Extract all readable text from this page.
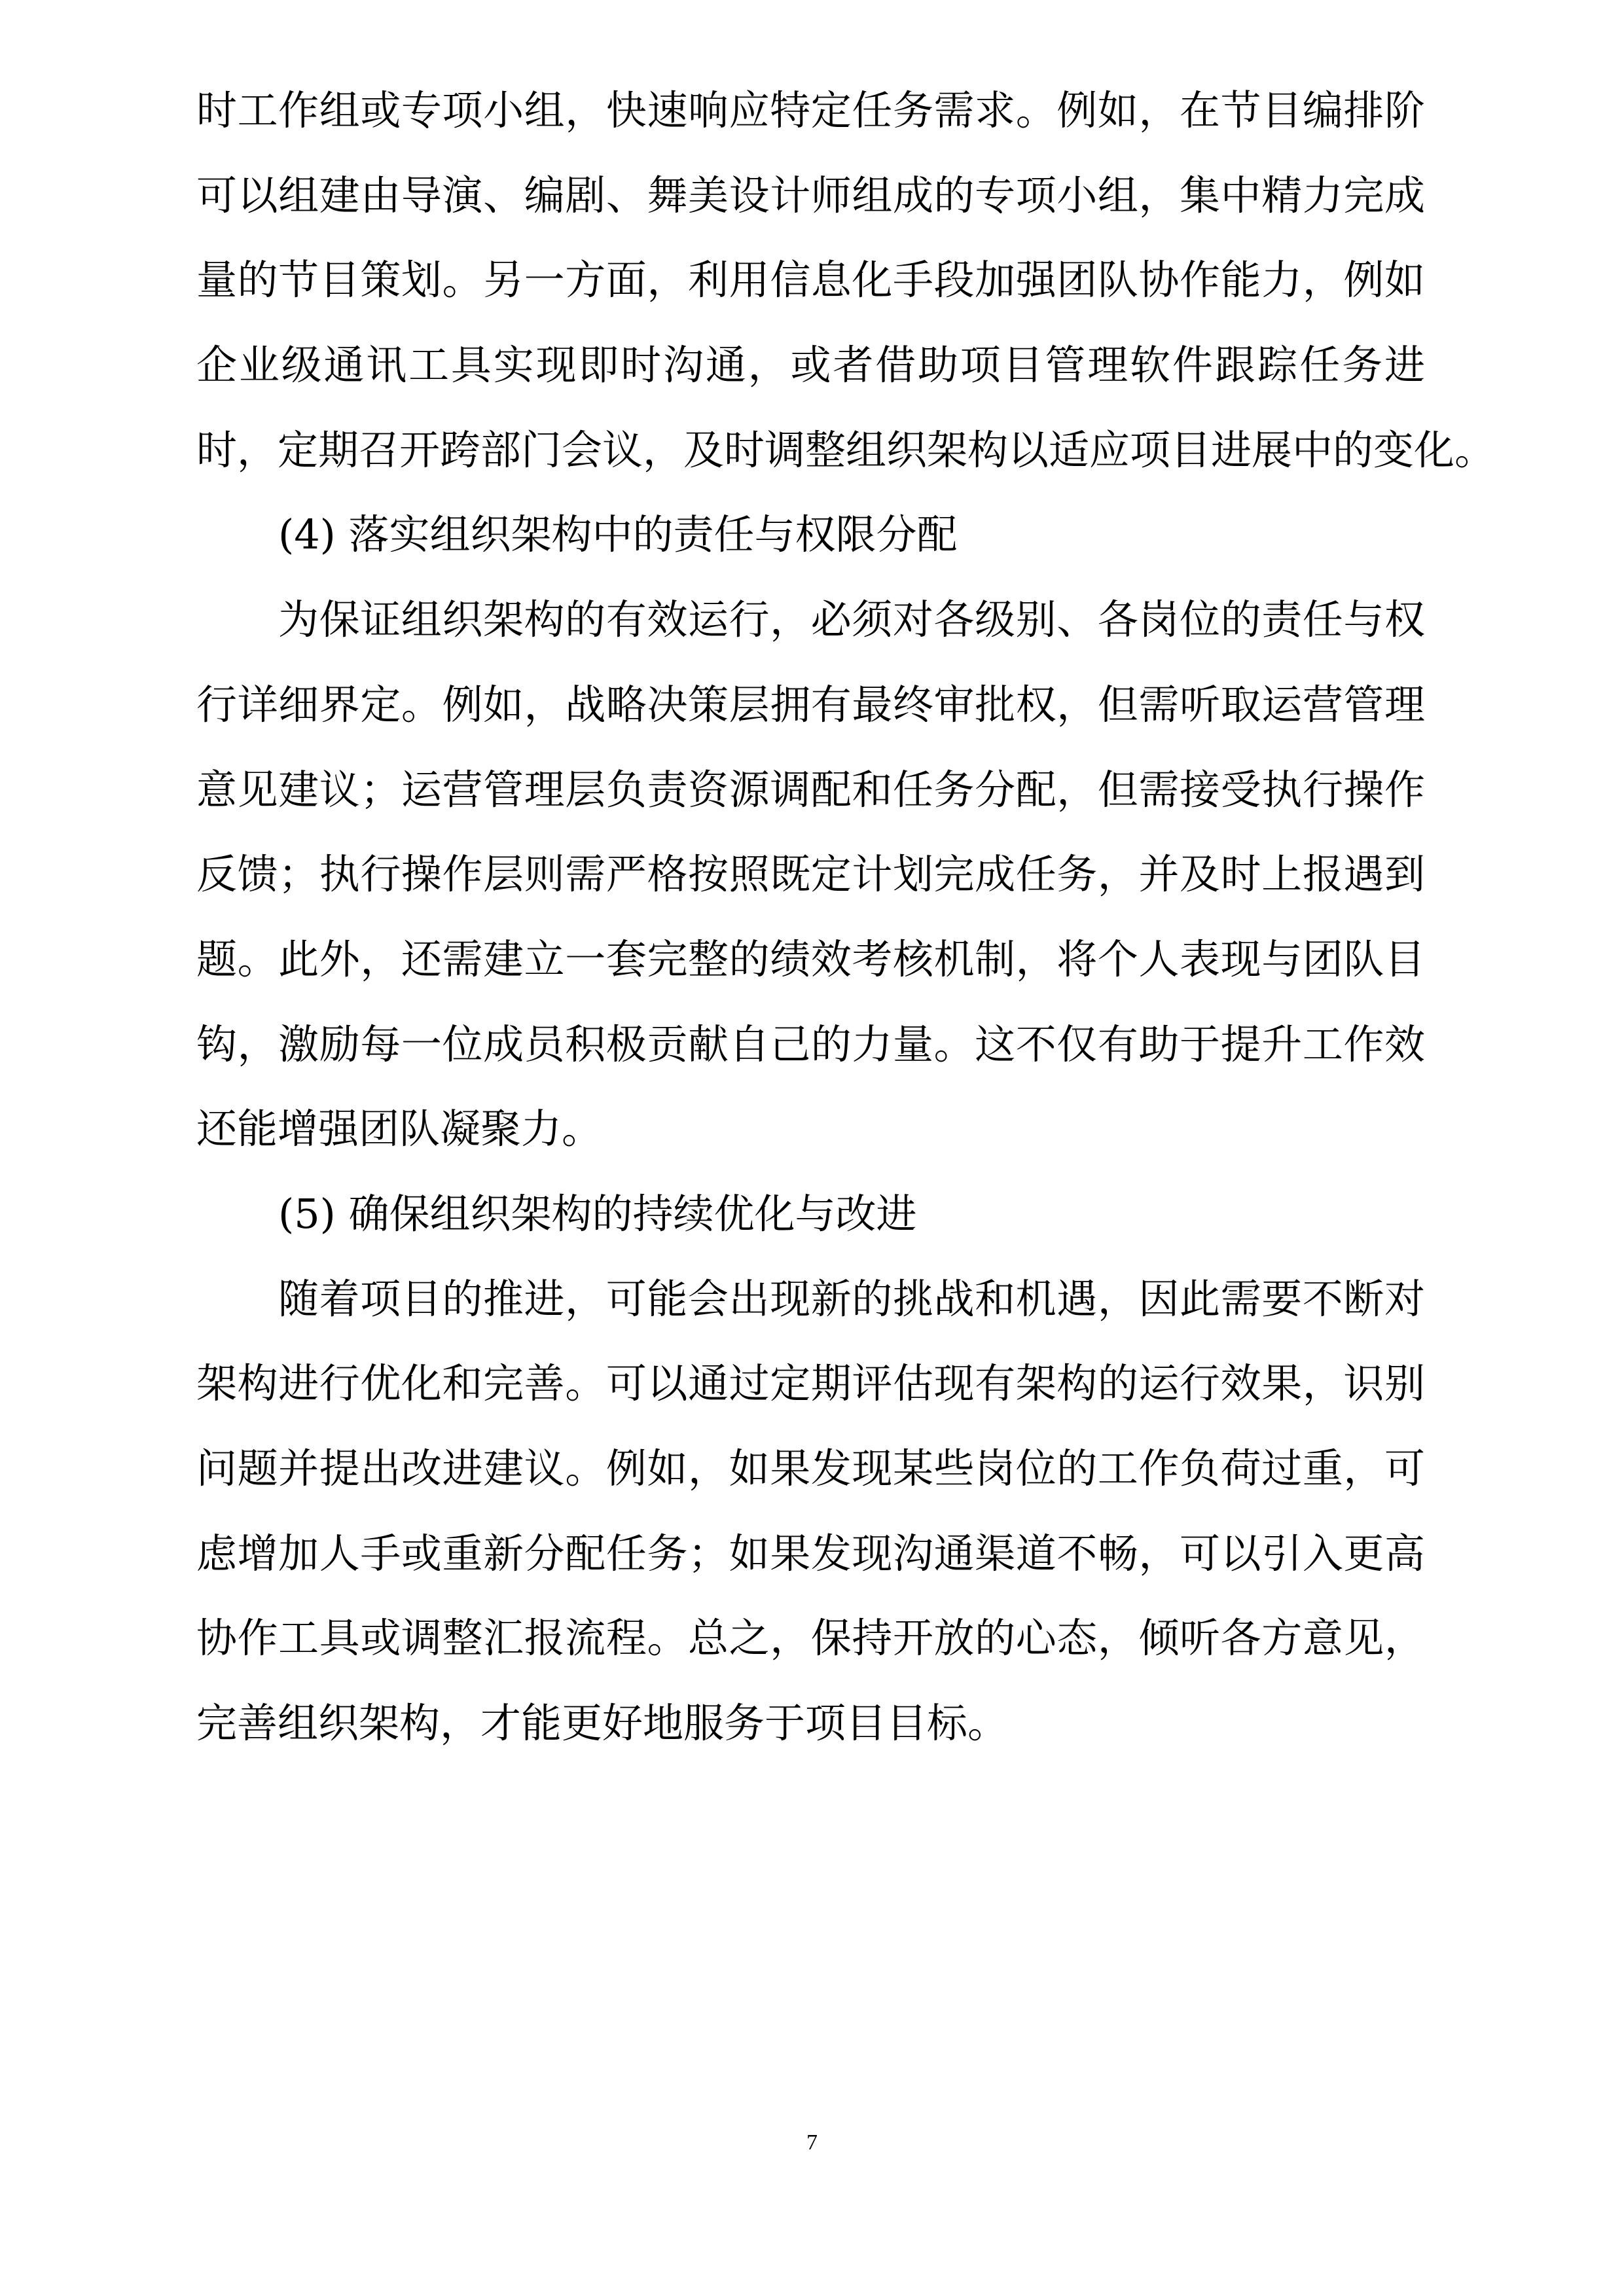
时工作组或专项小组，快速响应特定任务需求。例如，在节目编排阶
可以组建由导演、编剧、舞美设计师组成的专项小组，集中精力完成
量的节目策划。另一方面，利用信息化手段加强团队协作能力，例如
企业级通讯工具实现即时沟通，或者借助项目管理软件跟踪任务进
时，定期召开跨部门会议，及时调整组织架构以适应项目进展中的变化。
(4) 落实组织架构中的责任与权限分配
为保证组织架构的有效运行，必须对各级别、各岗位的责任与权
行详细界定。例如，战略决策层拥有最终审批权，但需听取运营管理
意见建议；运营管理层负责资源调配和任务分配，但需接受执行操作
反馈；执行操作层则需严格按照既定计划完成任务，并及时上报遇到
题。此外，还需建立一套完整的绩效考核机制，将个人表现与团队目
钩，激励每一位成员积极贡献自己的力量。这不仅有助于提升工作效
还能增强团队凝聚力。
(5) 确保组织架构的持续优化与改进
随着项目的推进，可能会出现新的挑战和机遇，因此需要不断对
架构进行优化和完善。可以通过定期评估现有架构的运行效果，识别
问题并提出改进建议。例如，如果发现某些岗位的工作负荷过重，可
虑增加人手或重新分配任务；如果发现沟通渠道不畅，可以引入更高
协作工具或调整汇报流程。总之，保持开放的心态，倾听各方意见，
完善组织架构，才能更好地服务于项目目标。
7
